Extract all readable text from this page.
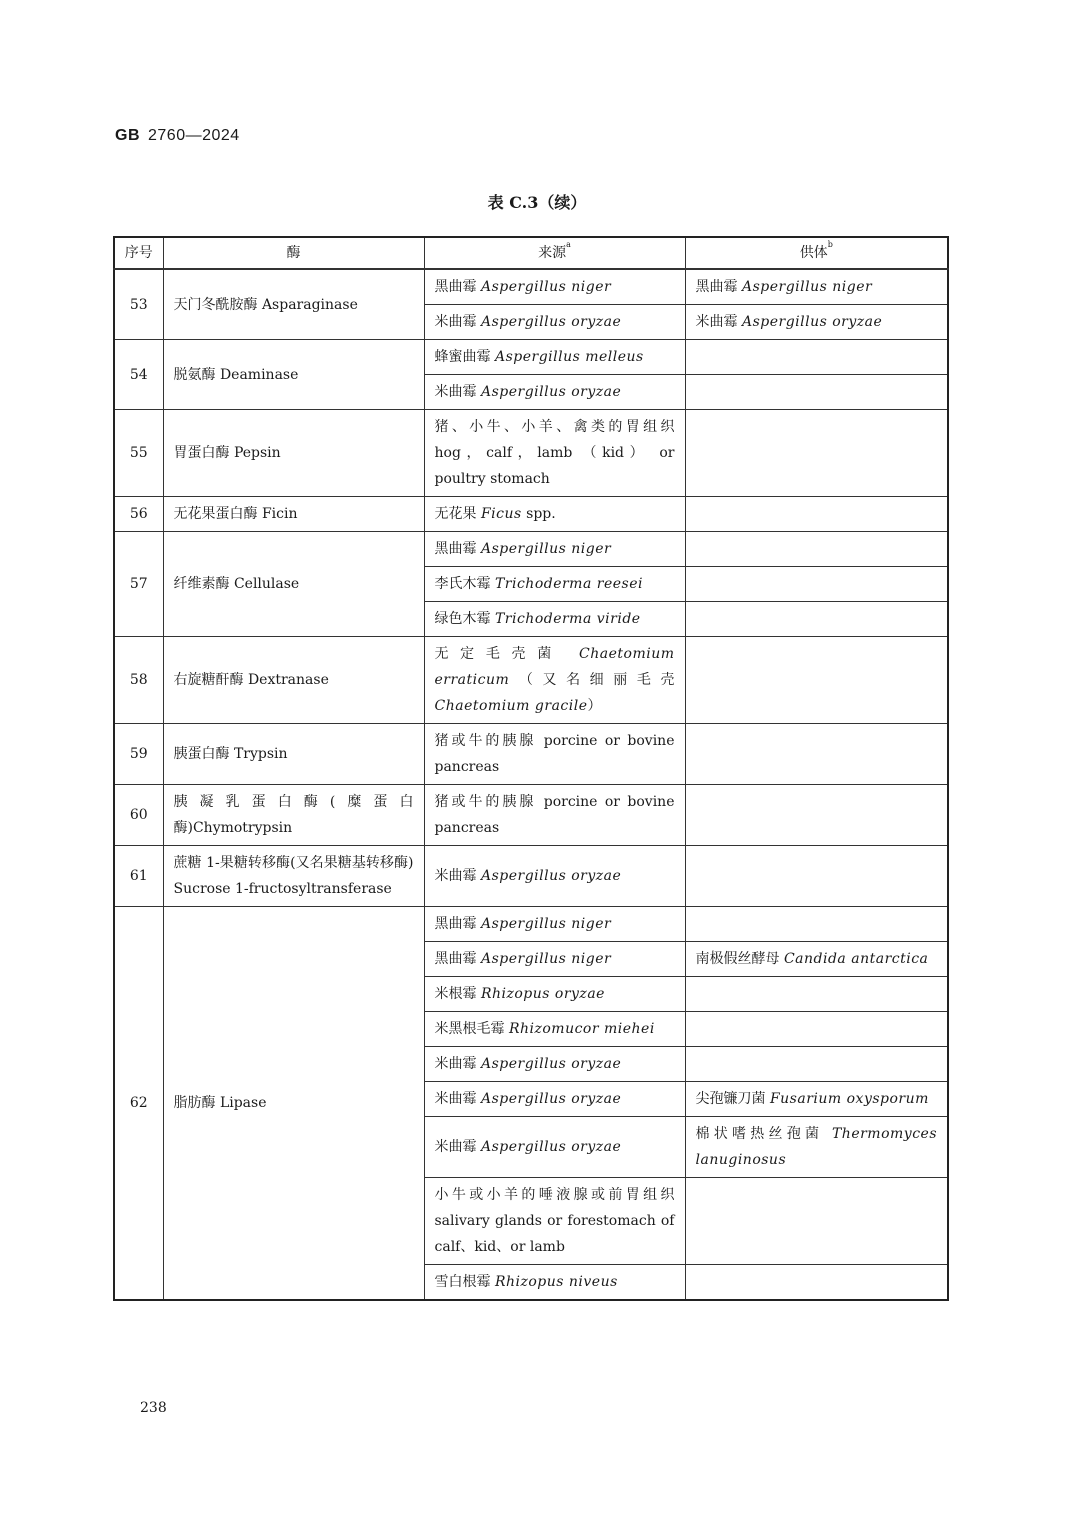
GB 2760—2024
表 C.3（续）
序号	酶	来源$^a$	供体$^b$
53	天门冬酰胺酶 Asparaginase	黑曲霉 Aspergillus niger	黑曲霉 Aspergillus niger
		米曲霉 Aspergillus oryzae	米曲霉 Aspergillus oryzae
54	脱氨酶 Deaminase	蜂蜜曲霉 Aspergillus melleus	
		米曲霉 Aspergillus oryzae	
55	胃蛋白酶 Pepsin	猪、小牛、小羊、禽类的胃组织 hog，calf，lamb （kid） or poultry stomach	
56	无花果蛋白酶 Ficin	无花果 Ficus spp.	
57	纤维素酶 Cellulase	黑曲霉 Aspergillus niger	
		李氏木霉 Trichoderma reesei	
		绿色木霉 Trichoderma viride	
58	右旋糖酐酶 Dextranase	无定毛壳菌 Chaetomium erraticum（又名细丽毛壳 Chaetomium gracile）	
59	胰蛋白酶 Trypsin	猪或牛的胰腺 porcine or bovine pancreas	
60	胰凝乳蛋白酶(糜蛋白酶)Chymotrypsin	猪或牛的胰腺 porcine or bovine pancreas	
61	蔗糖 1-果糖转移酶(又名果糖基转移酶) Sucrose 1-fructosyltransferase	米曲霉 Aspergillus oryzae	
62	脂肪酶 Lipase	黑曲霉 Aspergillus niger	
		黑曲霉 Aspergillus niger	南极假丝酵母 Candida antarctica
		米根霉 Rhizopus oryzae	
		米黑根毛霉 Rhizomucor miehei	
		米曲霉 Aspergillus oryzae	
		米曲霉 Aspergillus oryzae	尖孢镰刀菌 Fusarium oxysporum
		米曲霉 Aspergillus oryzae	棉状嗜热丝孢菌 Thermomyces lanuginosus
		小牛或小羊的唾液腺或前胃组织 salivary glands or forestomach of calf、kid、or lamb	
		雪白根霉 Rhizopus niveus	
238
